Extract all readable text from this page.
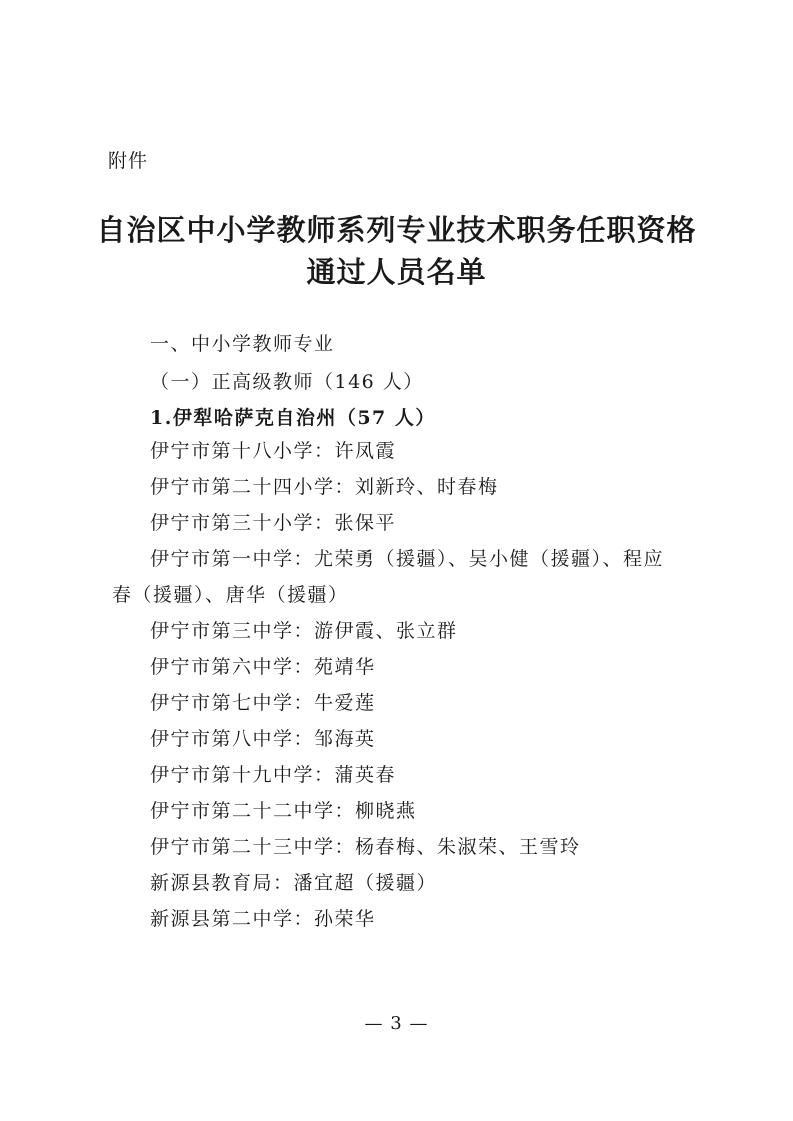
附件
自治区中小学教师系列专业技术职务任职资格
通过人员名单
一、中小学教师专业
（一）正高级教师（146 人）
1.伊犁哈萨克自治州（57 人）
伊宁市第十八小学：许凤霞
伊宁市第二十四小学：刘新玲、时春梅
伊宁市第三十小学：张保平
伊宁市第一中学：尤荣勇（援疆）、吴小健（援疆）、程应
春（援疆）、唐华（援疆）
伊宁市第三中学：游伊霞、张立群
伊宁市第六中学：苑靖华
伊宁市第七中学：牛爱莲
伊宁市第八中学：邹海英
伊宁市第十九中学：蒲英春
伊宁市第二十二中学：柳晓燕
伊宁市第二十三中学：杨春梅、朱淑荣、王雪玲
新源县教育局：潘宜超（援疆）
新源县第二中学：孙荣华
— 3 —
